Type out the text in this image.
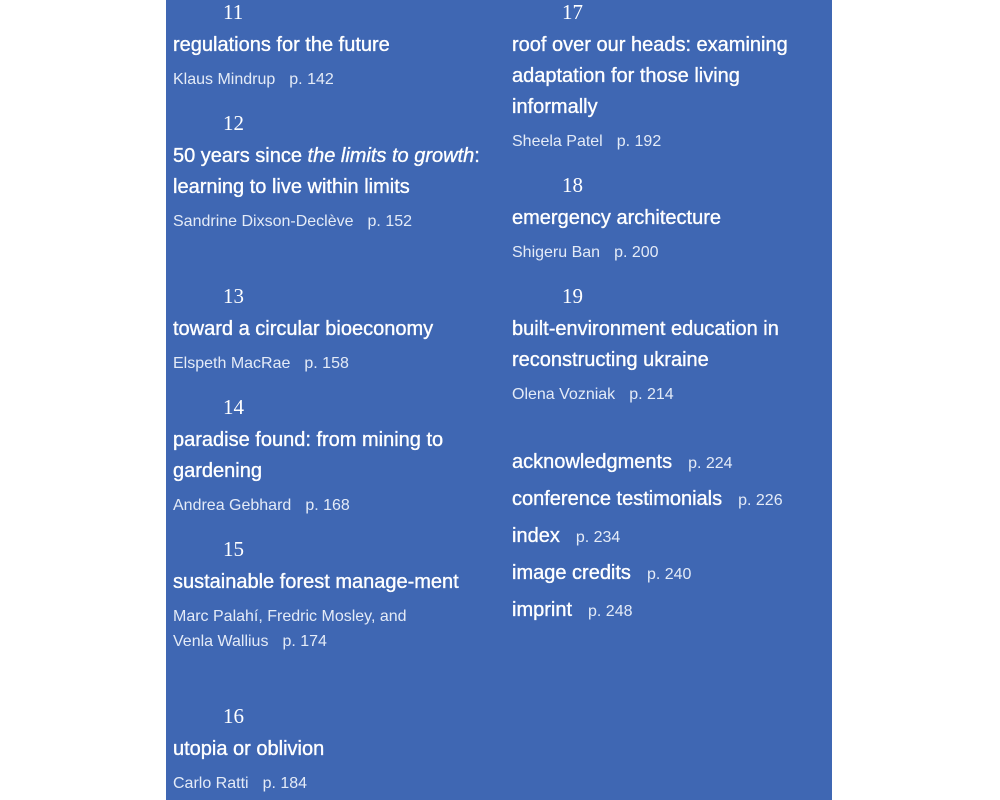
11
regulations for the future
Klaus Mindrup p. 142
12
50 years since the limits to growth: learning to live within limits
Sandrine Dixson-Declève p. 152
13
toward a circular bioeconomy
Elspeth MacRae p. 158
14
paradise found: from mining to gardening
Andrea Gebhard p. 168
15
sustainable forest manage-ment
Marc Palahí, Fredric Mosley, and
Venla Wallius p. 174
16
utopia or oblivion
Carlo Ratti p. 184
17
roof over our heads: examining adaptation for those living informally
Sheela Patel p. 192
18
emergency architecture
Shigeru Ban p. 200
19
built-environment education in reconstructing ukraine
Olena Vozniak p. 214
acknowledgments p. 224
conference testimonials p. 226
index p. 234
image credits p. 240
imprint p. 248
